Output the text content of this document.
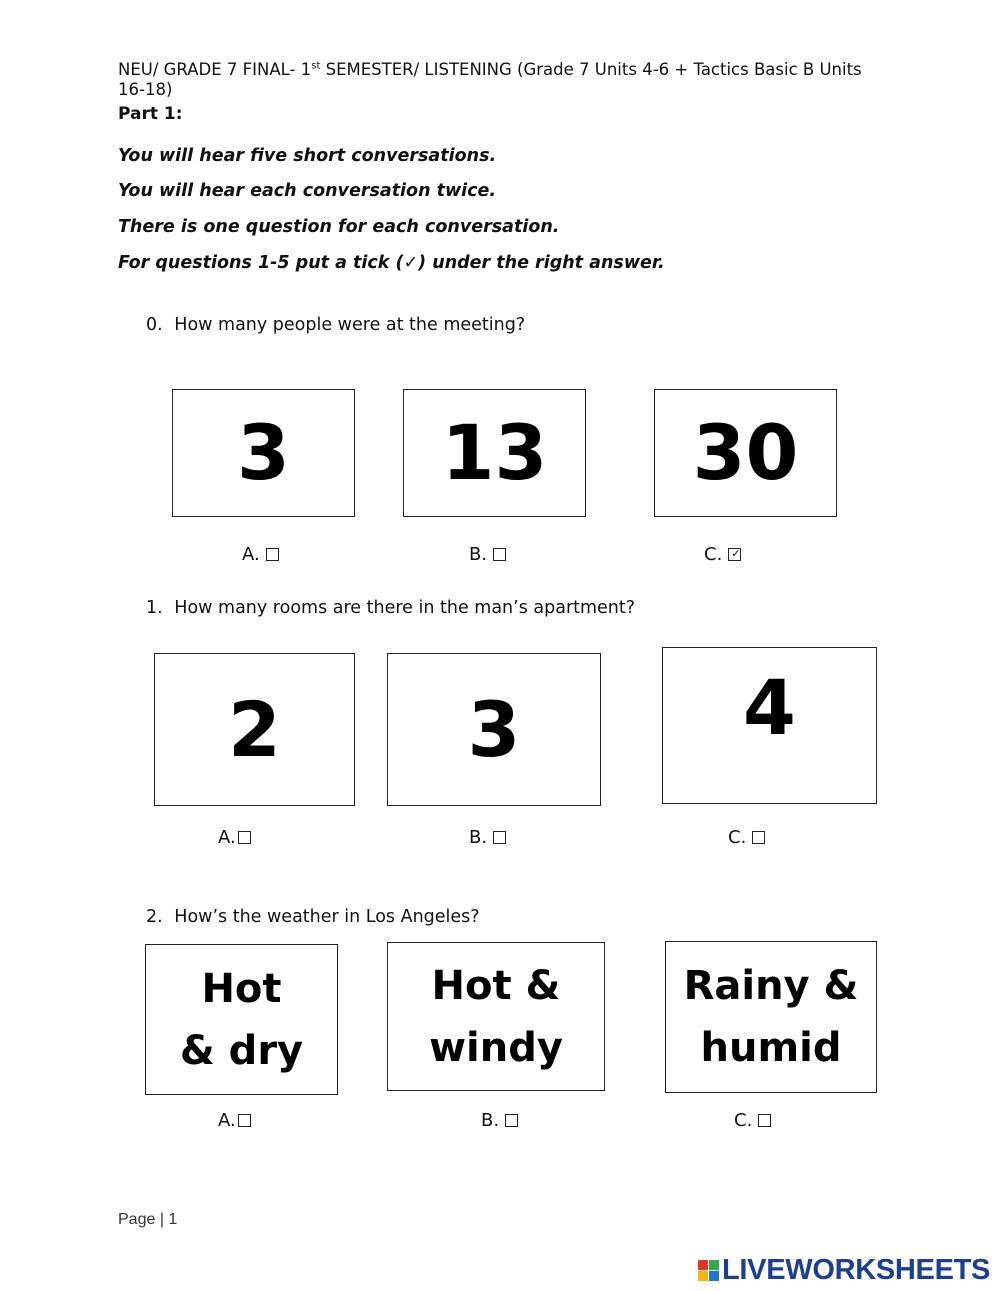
NEU/ GRADE 7 FINAL- 1st SEMESTER/ LISTENING (Grade 7 Units 4-6 + Tactics Basic B Units 16-18)
Part 1:
You will hear five short conversations.
You will hear each conversation twice.
There is one question for each conversation.
For questions 1-5 put a tick (✓) under the right answer.
0. How many people were at the meeting?
3 13 30
A.	B.	C. ✓
1. How many rooms are there in the man’s apartment?
2 3	4
A.	B.	C.
2. How’s the weather in Los Angeles?
Hot
& dry
Hot &
windy
Rainy &
humid
A.	B.	C.
Page | 1
LIVEWORKSHEETS
